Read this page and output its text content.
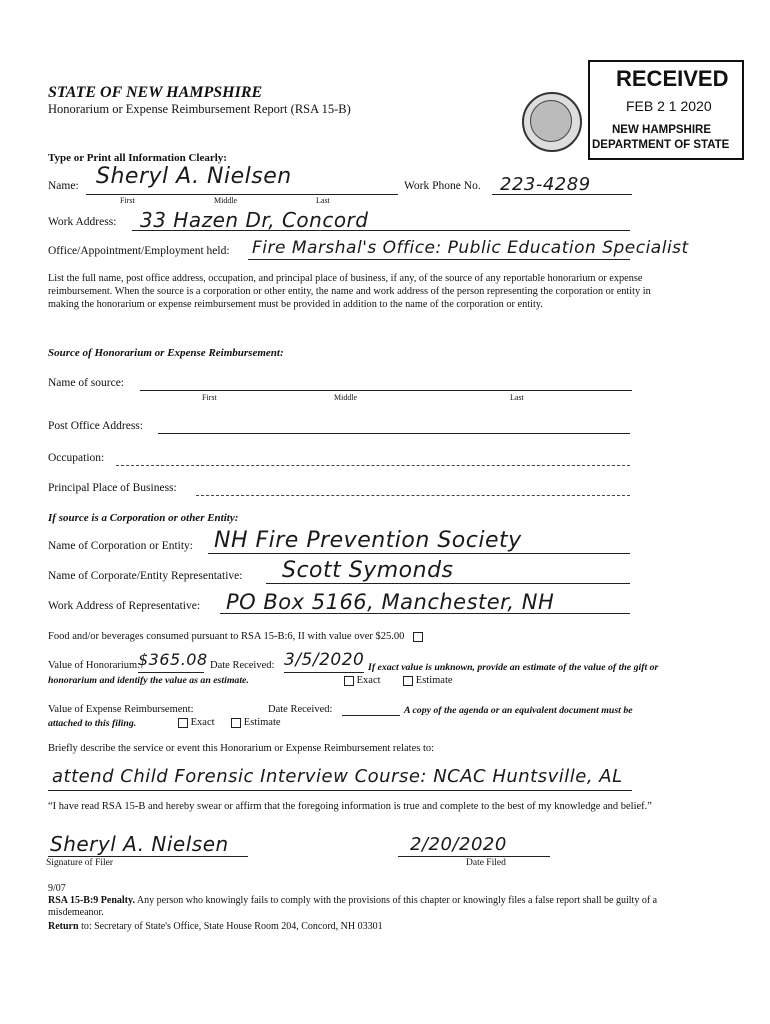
STATE OF NEW HAMPSHIRE
Honorarium or Expense Reimbursement Report (RSA 15-B)
RECEIVED
FEB 2 1 2020
NEW HAMPSHIRE
DEPARTMENT OF STATE
Type or Print all Information Clearly:
Name: Sheryl A. Nielsen
First	Middle	Last
Work Phone No. 223-4289
Work Address: 33 Hazen Dr, Concord
Office/Appointment/Employment held: Fire Marshal's Office: Public Education Specialist
List the full name, post office address, occupation, and principal place of business, if any, of the source of any reportable honorarium or expense reimbursement. When the source is a corporation or other entity, the name and work address of the person representing the corporation or entity in making the honorarium or expense reimbursement must be provided in addition to the name of the corporation or entity.
Source of Honorarium or Expense Reimbursement:
Name of source:
First	Middle	Last
Post Office Address:
Occupation:
Principal Place of Business:
If source is a Corporation or other Entity:
Name of Corporation or Entity: NH Fire Prevention Society
Name of Corporate/Entity Representative: Scott Symonds
Work Address of Representative: PO Box 5166, Manchester, NH
Food and/or beverages consumed pursuant to RSA 15-B:6, II with value over $25.00
Value of Honorarium:
$365.08 Date Received: 3/5/2020 If exact value is unknown, provide an estimate of the value of the gift or honorarium and identify the value as an estimate.	Exact	Estimate
Value of Expense Reimbursement:	Date Received:	A copy of the agenda or an equivalent document must be attached to this filing.	Exact	Estimate
Briefly describe the service or event this Honorarium or Expense Reimbursement relates to:
attend Child Forensic Interview Course: NCAC Huntsville, AL
“I have read RSA 15-B and hereby swear or affirm that the foregoing information is true and complete to the best of my knowledge and belief.”
Sheryl A. Nielsen
Signature of Filer
2/20/2020
Date Filed
9/07
RSA 15-B:9 Penalty. Any person who knowingly fails to comply with the provisions of this chapter or knowingly files a false report shall be guilty of a misdemeanor.
Return to: Secretary of State's Office, State House Room 204, Concord, NH 03301
